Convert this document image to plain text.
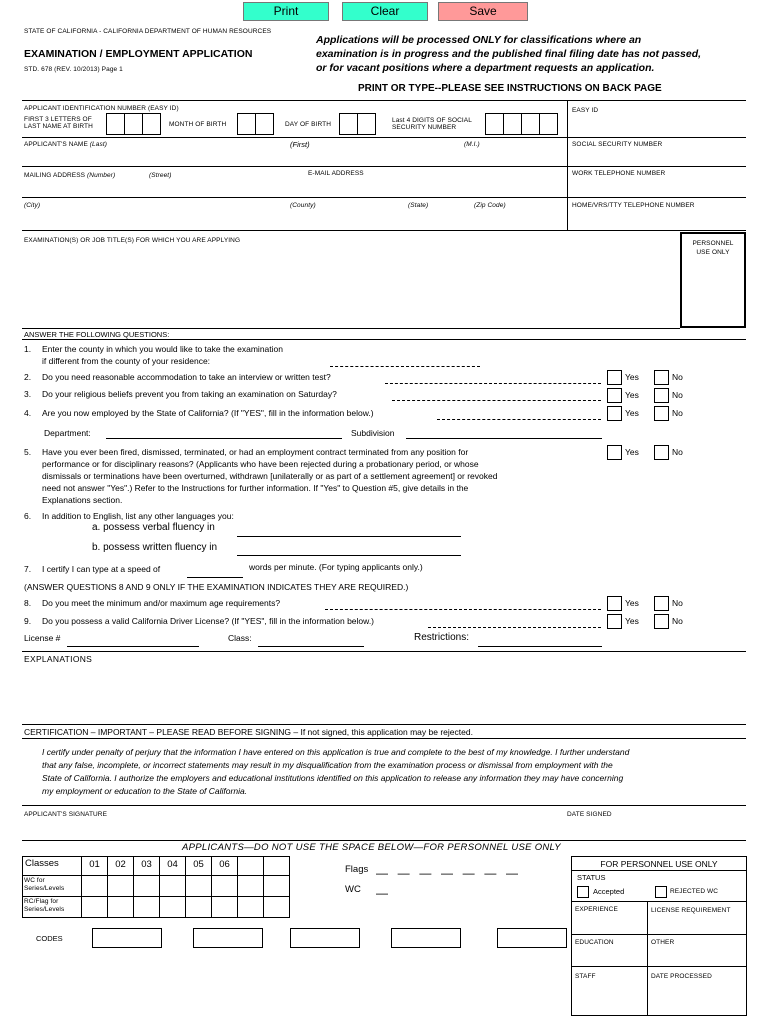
Print	Clear	Save
STATE OF CALIFORNIA - CALIFORNIA DEPARTMENT OF HUMAN RESOURCES
EXAMINATION / EMPLOYMENT APPLICATION
STD. 678 (REV. 10/2013) Page 1
Applications will be processed ONLY for classifications where an
examination is in progress and the published final filing date has not passed,
or for vacant positions where a department requests an application.
PRINT OR TYPE--PLEASE SEE INSTRUCTIONS ON BACK PAGE
APPLICANT IDENTIFICATION NUMBER (EASY ID)
FIRST 3 LETTERS OF
LAST NAME AT BIRTH	MONTH OF BIRTH	DAY OF BIRTH
Last 4 DIGITS OF SOCIAL
SECURITY NUMBER
EASY ID
APPLICANT'S NAME (Last)	(First)	(M.I.)	SOCIAL SECURITY NUMBER
MAILING ADDRESS (Number)	(Street)	E-MAIL ADDRESS	WORK TELEPHONE NUMBER
(City)	(County)	(State)	(Zip Code)	HOME/VRS/TTY TELEPHONE NUMBER
EXAMINATION(S) OR JOB TITLE(S) FOR WHICH YOU ARE APPLYING	PERSONNEL
USE ONLY
ANSWER THE FOLLOWING QUESTIONS:
1. Enter the county in which you would like to take the examination
if different from the county of your residence:
2. Do you need reasonable accommodation to take an interview or written test?	Yes	No
3. Do your religious beliefs prevent you from taking an examination on Saturday?	Yes	No
4. Are you now employed by the State of California? (If "YES", fill in the information below.)	Yes	No
Department:	Subdivision
5. Have you ever been fired, dismissed, terminated, or had an employment contract terminated from any position for
performance or for disciplinary reasons? (Applicants who have been rejected during a probationary period, or whose
dismissals or terminations have been overturned, withdrawn [unilaterally or as part of a settlement agreement] or revoked
need not answer "Yes".) Refer to the Instructions for further information. If "Yes" to Question #5, give details in the
Explanations section.
Yes	No
6. In addition to English, list any other languages you:
a. possess verbal fluency in
b. possess written fluency in
7. I certify I can type at a speed of	words per minute. (For typing applicants only.)
(ANSWER QUESTIONS 8 AND 9 ONLY IF THE EXAMINATION INDICATES THEY ARE REQUIRED.)
8. Do you meet the minimum and/or maximum age requirements?	Yes	No
9. Do you possess a valid California Driver License? (If "YES", fill in the information below.)	Yes	No
License #	Class:	Restrictions:
EXPLANATIONS
CERTIFICATION – IMPORTANT – PLEASE READ BEFORE SIGNING – If not signed, this application may be rejected.
I certify under penalty of perjury that the information I have entered on this application is true and complete to the best of my knowledge. I further understand
that any false, incomplete, or incorrect statements may result in my disqualification from the examination process or dismissal from employment with the
State of California. I authorize the employers and educational institutions identified on this application to release any information they may have concerning
my employment or education to the State of California.
APPLICANT'S SIGNATURE	DATE SIGNED
APPLICANTS—DO NOT USE THE SPACE BELOW—FOR PERSONNEL USE ONLY
Classes	01	02	03	04	05	06
WC for
Series/Levels
RC/Flag for
Series/Levels
Flags —  —  —  —  —  —  —
WC —
CODES
FOR PERSONNEL USE ONLY
STATUS
Accepted	REJECTED WC
EXPERIENCE	LICENSE REQUIREMENT
EDUCATION	OTHER
STAFF	DATE PROCESSED
